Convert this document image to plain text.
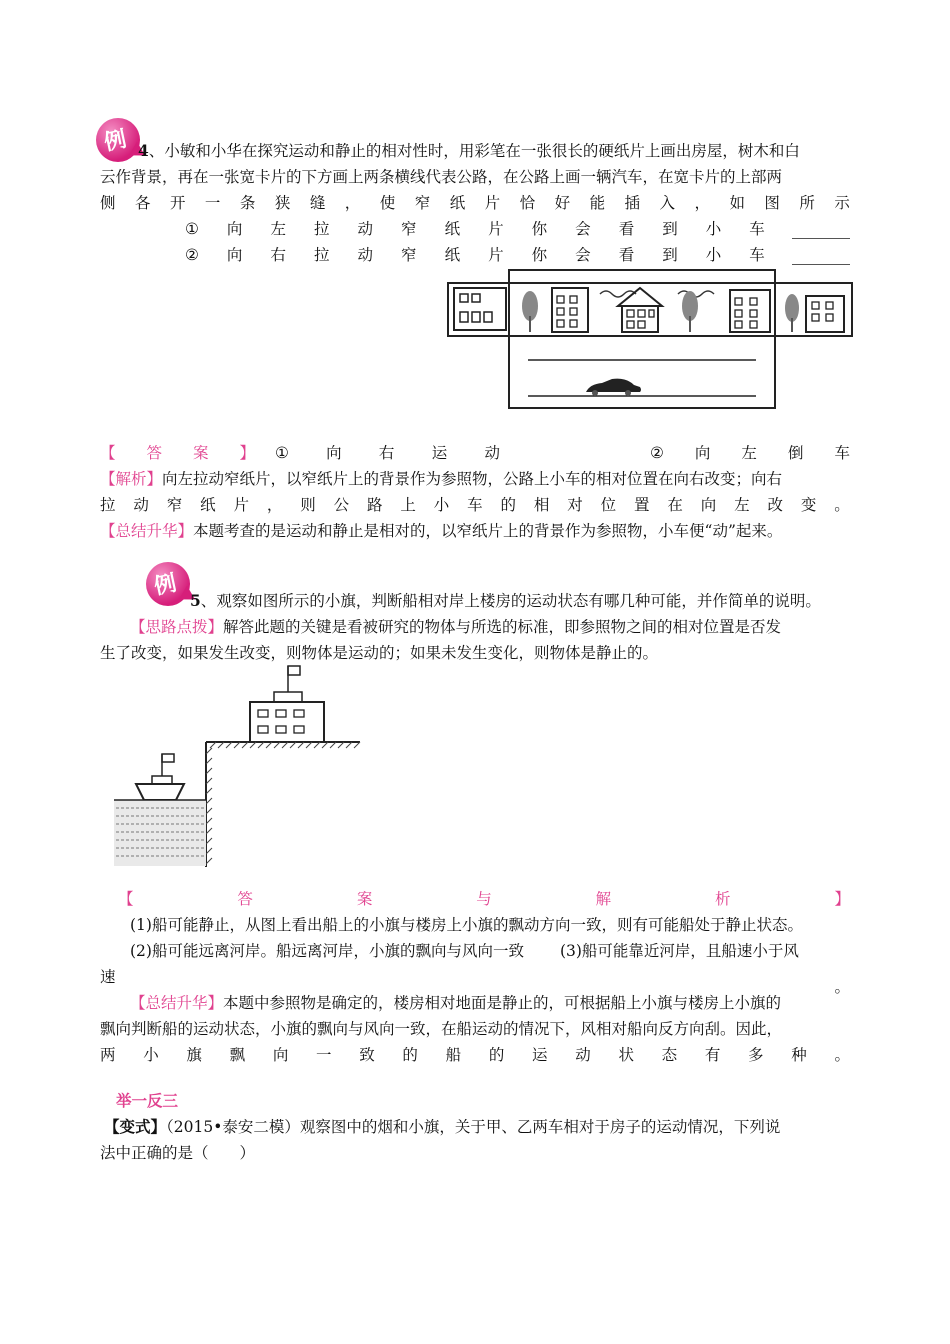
例 4、小敏和小华在探究运动和静止的相对性时，用彩笔在一张很长的硬纸片上画出房屋，树木和白
云作背景，再在一张宽卡片的下方画上两条横线代表公路，在公路上画一辆汽车，在宽卡片的上部两
侧 各 开 一 条 狭 缝 ， 使 窄 纸 片 恰 好 能 插 入 ， 如 图 所 示
① 向 左 拉 动 窄 纸 片 你 会 看 到 小 车
② 向 右 拉 动 窄 纸 片 你 会 看 到 小 车
【 答 案 】 ① 向 右 运 动	② 向 左 倒 车
【解析】向左拉动窄纸片，以窄纸片上的背景作为参照物，公路上小车的相对位置在向右改变；向右
拉 动 窄 纸 片 ， 则 公 路 上 小 车 的 相 对 位 置 在 向 左 改 变 。
【总结升华】本题考查的是运动和静止是相对的，以窄纸片上的背景作为参照物，小车便“动”起来。
例
5、观察如图所示的小旗，判断船相对岸上楼房的运动状态有哪几种可能，并作简单的说明。
【思路点拨】解答此题的关键是看被研究的物体与所选的标准，即参照物之间的相对位置是否发
生了改变，如果发生改变，则物体是运动的；如果未发生变化，则物体是静止的。
【	答	案	与	解	析	】
(1)船可能静止，从图上看出船上的小旗与楼房上小旗的飘动方向一致，则有可能船处于静止状态。
(2)船可能远离河岸。船远离河岸，小旗的飘向与风向一致 (3)船可能靠近河岸，且船速小于风
速
。
【总结升华】本题中参照物是确定的，楼房相对地面是静止的，可根据船上小旗与楼房上小旗的
飘向判断船的运动状态，小旗的飘向与风向一致，在船运动的情况下，风相对船向反方向刮。因此，
两 小 旗 飘 向 一 致 的 船 的 运 动 状 态 有 多 种 。
举一反三
【变式】（2015•泰安二模）观察图中的烟和小旗，关于甲、乙两车相对于房子的运动情况，下列说
法中正确的是（　　）
